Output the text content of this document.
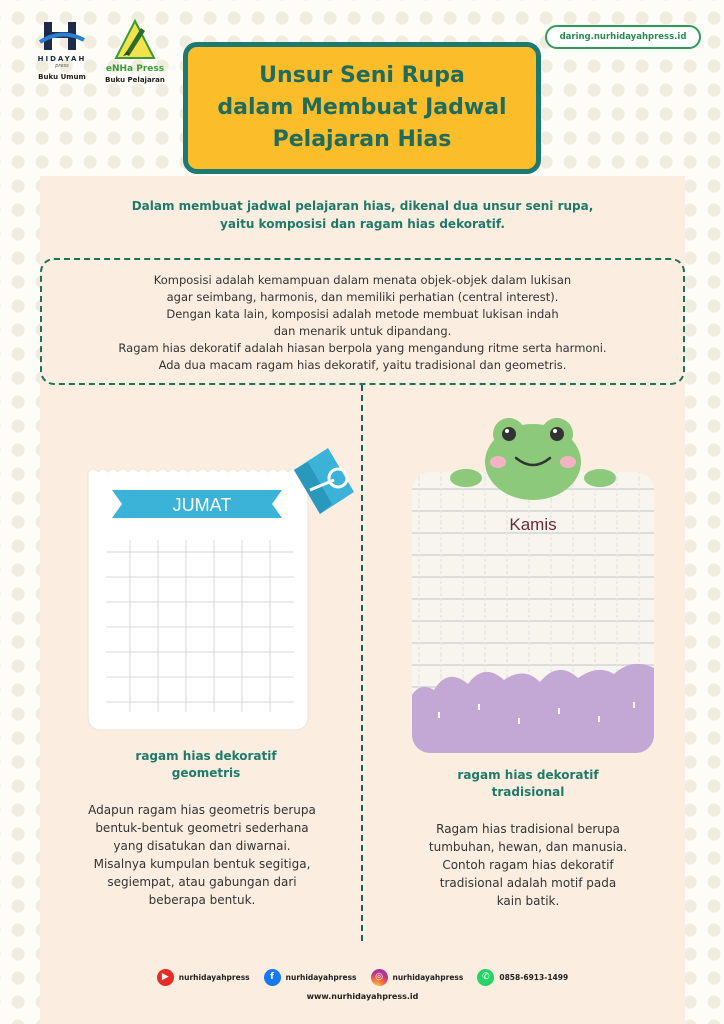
HIDAYAH
press
Buku Umum
eNHa Press
Buku Pelajaran	Unsur Seni Rupa
dalam Membuat Jadwal
Pelajaran Hias
daring.nurhidayahpress.id
Dalam membuat jadwal pelajaran hias, dikenal dua unsur seni rupa,
yaitu komposisi dan ragam hias dekoratif.
Komposisi adalah kemampuan dalam menata objek-objek dalam lukisan
agar seimbang, harmonis, dan memiliki perhatian (central interest).
Dengan kata lain, komposisi adalah metode membuat lukisan indah
dan menarik untuk dipandang.
Ragam hias dekoratif adalah hiasan berpola yang mengandung ritme serta harmoni.
Ada dua macam ragam hias dekoratif, yaitu tradisional dan geometris.
JUMAT
ragam hias dekoratif
geometris
Adapun ragam hias geometris berupa
bentuk-bentuk geometri sederhana
yang disatukan dan diwarnai.
Misalnya kumpulan bentuk segitiga,
segiempat, atau gabungan dari
beberapa bentuk.
Kamis
ragam hias dekoratif
tradisional
Ragam hias tradisional berupa
tumbuhan, hewan, dan manusia.
Contoh ragam hias dekoratif
tradisional adalah motif pada
kain batik.
▶	nurhidayahpress	f	nurhidayahpress	◎	nurhidayahpress	✆	0858-6913-1499
www.nurhidayahpress.id
